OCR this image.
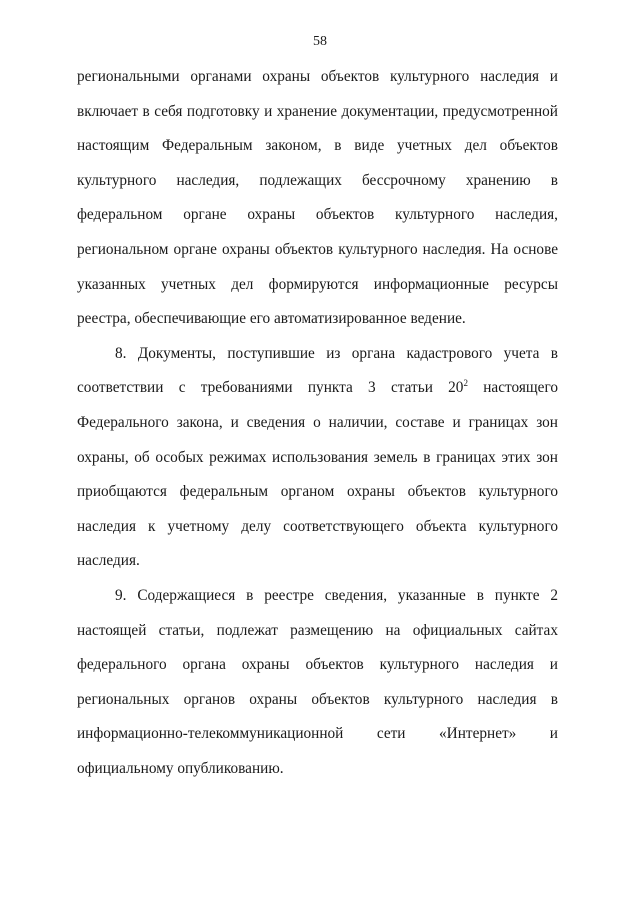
58

региональными органами охраны объектов культурного наследия и включает в себя подготовку и хранение документации, предусмотренной настоящим Федеральным законом, в виде учетных дел объектов культурного наследия, подлежащих бессрочному хранению в федеральном органе охраны объектов культурного наследия, региональном органе охраны объектов культурного наследия. На основе указанных учетных дел формируются информационные ресурсы реестра, обеспечивающие его автоматизированное ведение.

8. Документы, поступившие из органа кадастрового учета в соответствии с требованиями пункта 3 статьи $20^2$ настоящего Федерального закона, и сведения о наличии, составе и границах зон охраны, об особых режимах использования земель в границах этих зон приобщаются федеральным органом охраны объектов культурного наследия к учетному делу соответствующего объекта культурного наследия.

9. Содержащиеся в реестре сведения, указанные в пункте 2 настоящей статьи, подлежат размещению на официальных сайтах федерального органа охраны объектов культурного наследия и региональных органов охраны объектов культурного наследия в информационно-телекоммуникационной сети «Интернет» и официальному опубликованию.
